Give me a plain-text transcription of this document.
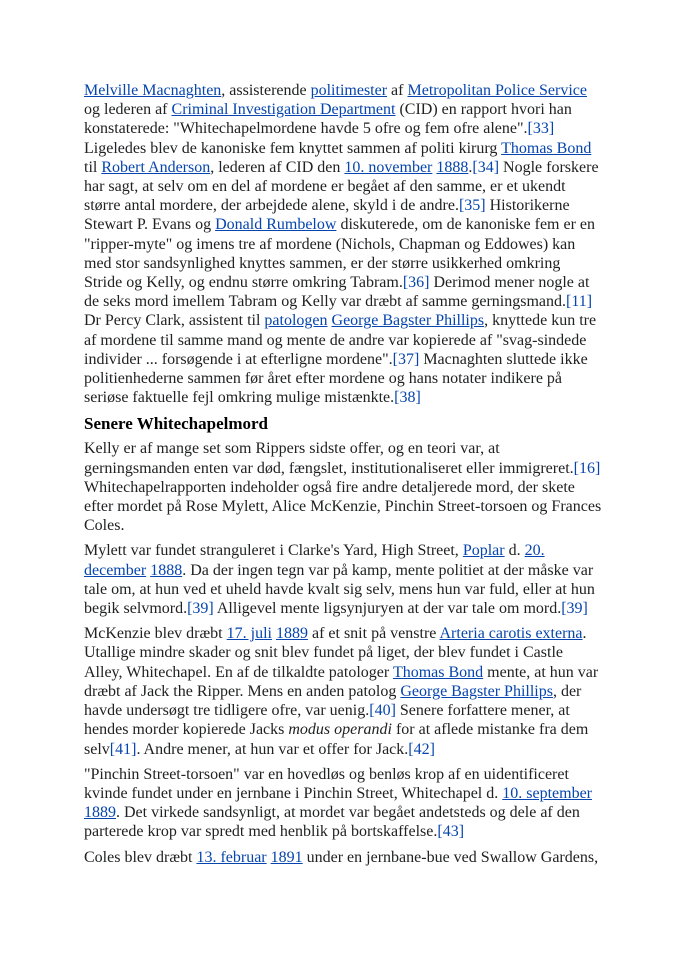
Melville Macnaghten, assisterende politimester af Metropolitan Police Service og lederen af Criminal Investigation Department (CID) en rapport hvori han konstaterede: "Whitechapelmordene havde 5 ofre og fem ofre alene".[33] Ligeledes blev de kanoniske fem knyttet sammen af politi kirurg Thomas Bond til Robert Anderson, lederen af CID den 10. november 1888.[34] Nogle forskere har sagt, at selv om en del af mordene er begået af den samme, er et ukendt større antal mordere, der arbejdede alene, skyld i de andre.[35] Historikerne Stewart P. Evans og Donald Rumbelow diskuterede, om de kanoniske fem er en "ripper-myte" og imens tre af mordene (Nichols, Chapman og Eddowes) kan med stor sandsynlighed knyttes sammen, er der større usikkerhed omkring Stride og Kelly, og endnu større omkring Tabram.[36] Derimod mener nogle at de seks mord imellem Tabram og Kelly var dræbt af samme gerningsmand.[11] Dr Percy Clark, assistent til patologen George Bagster Phillips, knyttede kun tre af mordene til samme mand og mente de andre var kopierede af "svag-sindede individer ... forsøgende i at efterligne mordene".[37] Macnaghten sluttede ikke politienhederne sammen før året efter mordene og hans notater indikere på seriøse faktuelle fejl omkring mulige mistænkte.[38]

Senere Whitechapelmord

Kelly er af mange set som Rippers sidste offer, og en teori var, at gerningsmanden enten var død, fængslet, institutionaliseret eller immigreret.[16] Whitechapelrapporten indeholder også fire andre detaljerede mord, der skete efter mordet på Rose Mylett, Alice McKenzie, Pinchin Street-torsoen og Frances Coles.

Mylett var fundet stranguleret i Clarke's Yard, High Street, Poplar d. 20. december 1888. Da der ingen tegn var på kamp, mente politiet at der måske var tale om, at hun ved et uheld havde kvalt sig selv, mens hun var fuld, eller at hun begik selvmord.[39] Alligevel mente ligsynjuryen at der var tale om mord.[39]

McKenzie blev dræbt 17. juli 1889 af et snit på venstre Arteria carotis externa. Utallige mindre skader og snit blev fundet på liget, der blev fundet i Castle Alley, Whitechapel. En af de tilkaldte patologer Thomas Bond mente, at hun var dræbt af Jack the Ripper. Mens en anden patolog George Bagster Phillips, der havde undersøgt tre tidligere ofre, var uenig.[40] Senere forfattere mener, at hendes morder kopierede Jacks modus operandi for at aflede mistanke fra dem selv[41]. Andre mener, at hun var et offer for Jack.[42]

"Pinchin Street-torsoen" var en hovedløs og benløs krop af en uidentificeret kvinde fundet under en jernbane i Pinchin Street, Whitechapel d. 10. september 1889. Det virkede sandsynligt, at mordet var begået andetsteds og dele af den parterede krop var spredt med henblik på bortskaffelse.[43]

Coles blev dræbt 13. februar 1891 under en jernbane-bue ved Swallow Gardens,
